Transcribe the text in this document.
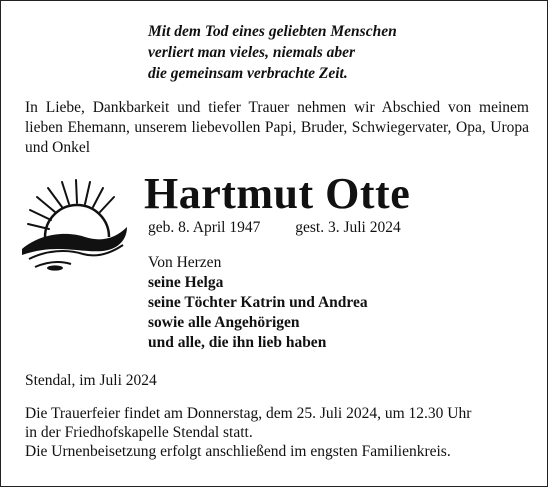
Mit dem Tod eines geliebten Menschen
verliert man vieles, niemals aber
die gemeinsam verbrachte Zeit.
In Liebe, Dankbarkeit und tiefer Trauer nehmen wir Abschied von meinem lieben Ehemann, unserem liebevollen Papi, Bruder, Schwiegervater, Opa, Uropa und Onkel
Hartmut Otte
geb. 8. April 1947 gest. 3. Juli 2024
Von Herzen
seine Helga
seine Töchter Katrin und Andrea
sowie alle Angehörigen
und alle, die ihn lieb haben
Stendal, im Juli 2024
Die Trauerfeier findet am Donnerstag, dem 25. Juli 2024, um 12.30 Uhr
in der Friedhofskapelle Stendal statt.
Die Urnenbeisetzung erfolgt anschließend im engsten Familienkreis.
